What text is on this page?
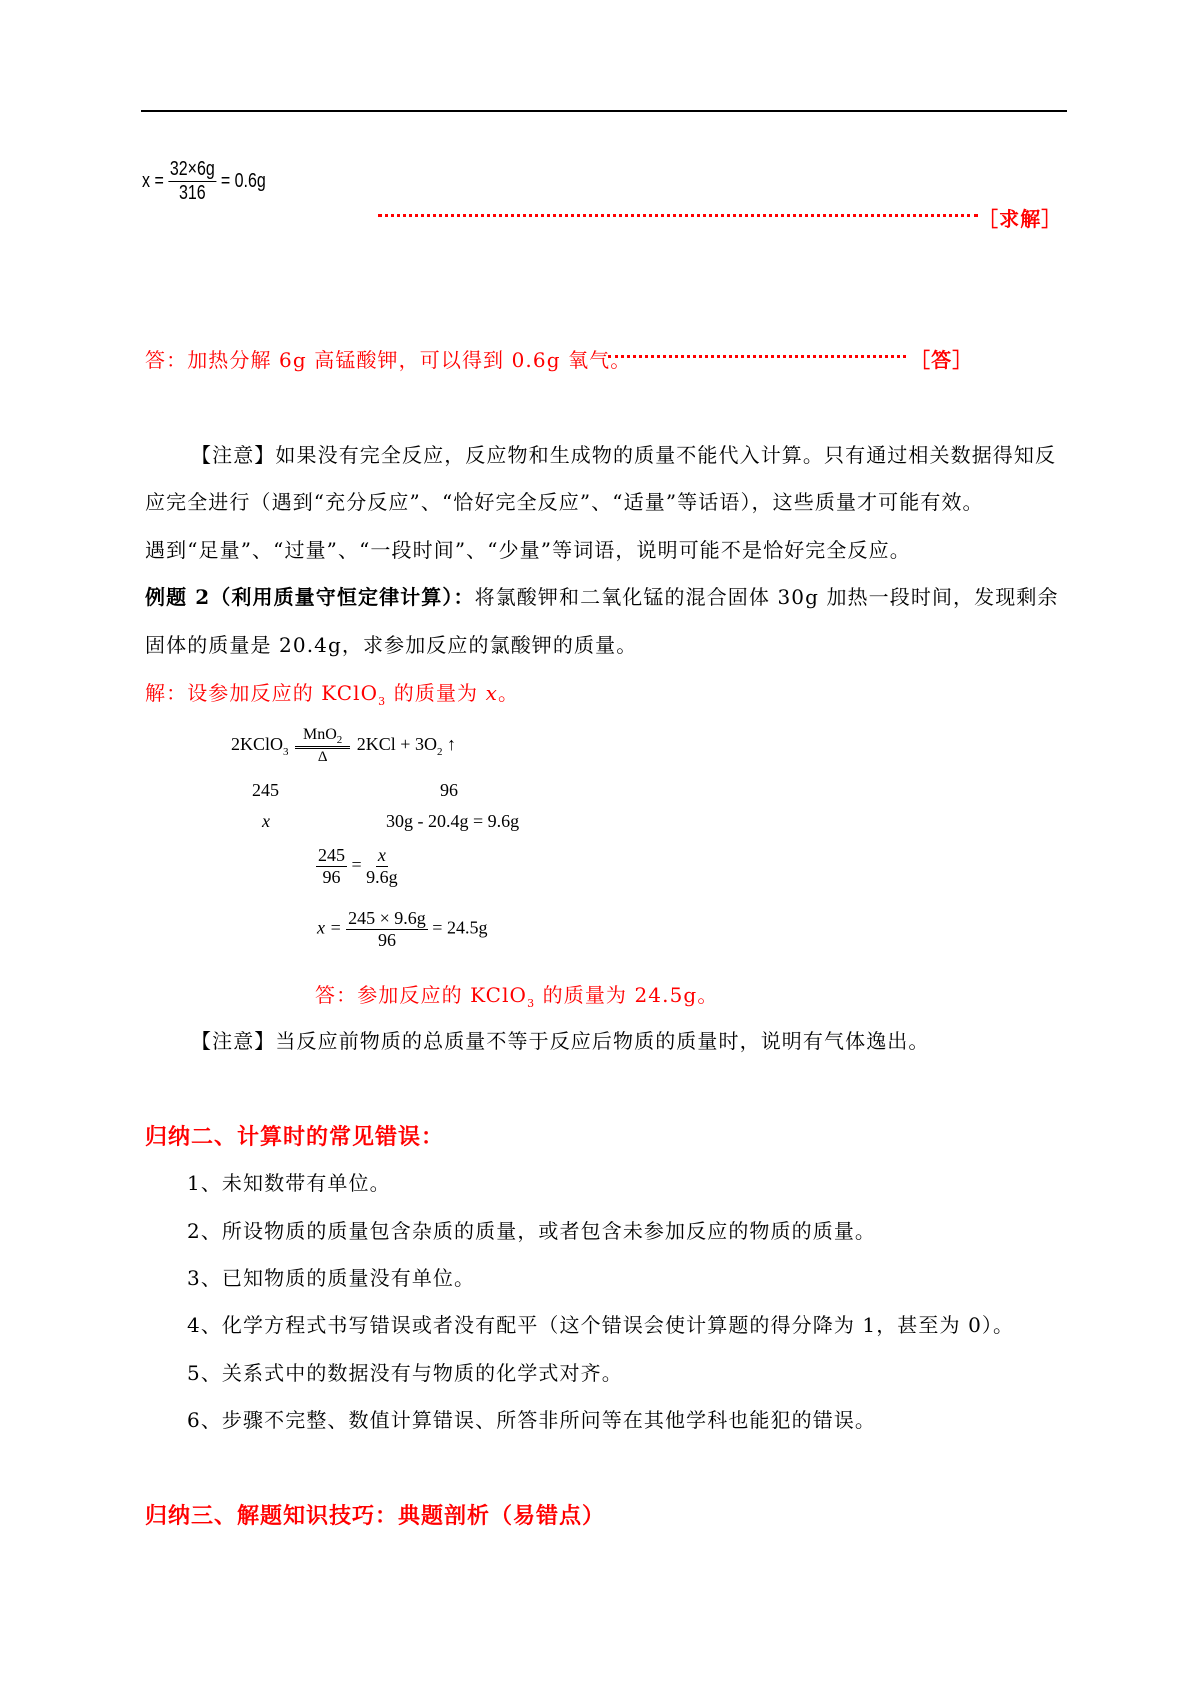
$x = \frac{32\times 6g}{316} = 0.6g$
［求解］
答：加热分解 6g 高锰酸钾，可以得到 0.6g 氧气。	［答］
【注意】如果没有完全反应，反应物和生成物的质量不能代入计算。只有通过相关数据得知反
应完全进行（遇到“充分反应”、“恰好完全反应”、“适量”等话语），这些质量才可能有效。
遇到“足量”、“过量”、“一段时间”、“少量”等词语，说明可能不是恰好完全反应。
例题 2（利用质量守恒定律计算）：将氯酸钾和二氧化锰的混合固体 30g 加热一段时间，发现剩余
固体的质量是 20.4g，求参加反应的氯酸钾的质量。
解：设参加反应的 KClO$_3$ 的质量为 x。
2KClO$_3$ $\frac{MnO_2}{\Delta} 2KCl + 3O_2$ ↑
245	96
x	30g - 20.4g = 9.6g
$\frac{245}{96} = \frac{x}{9.6g}$
$x = \frac{245 \times 9.6g}{96} = 24.5g$
答：参加反应的 KClO$_3$ 的质量为 24.5g。
【注意】当反应前物质的总质量不等于反应后物质的质量时，说明有气体逸出。
归纳二、计算时的常见错误：
1、未知数带有单位。
2、所设物质的质量包含杂质的质量，或者包含未参加反应的物质的质量。
3、已知物质的质量没有单位。
4、化学方程式书写错误或者没有配平（这个错误会使计算题的得分降为 1，甚至为 0）。
5、关系式中的数据没有与物质的化学式对齐。
6、步骤不完整、数值计算错误、所答非所问等在其他学科也能犯的错误。
归纳三、解题知识技巧：典题剖析（易错点）
